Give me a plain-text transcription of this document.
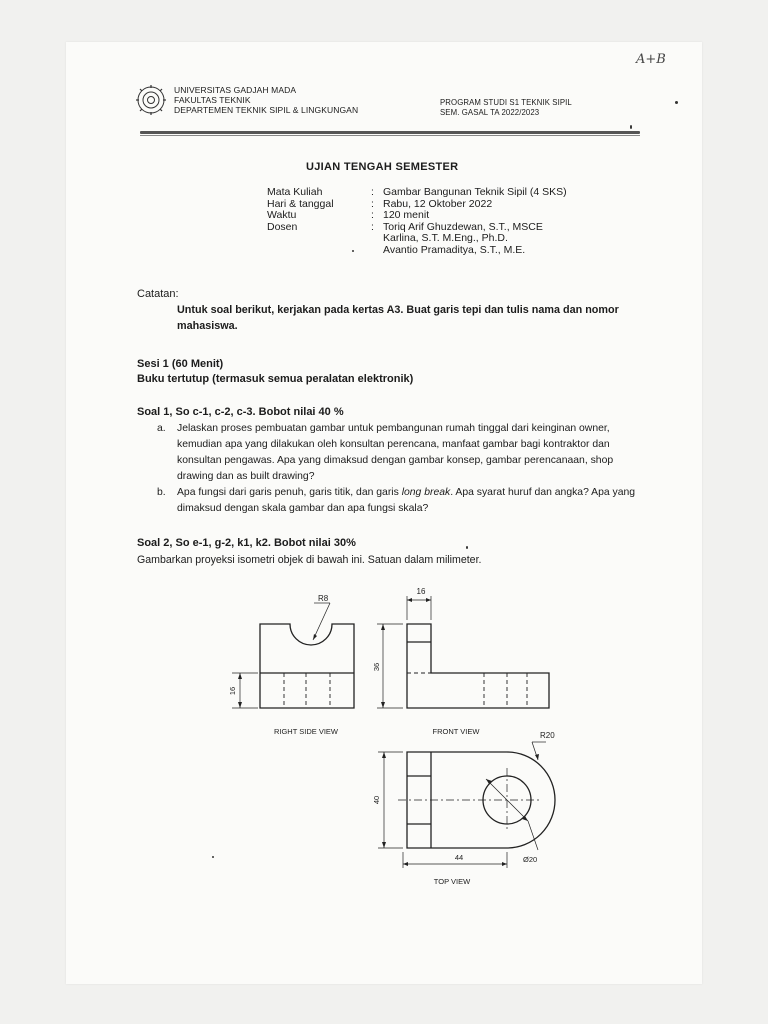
A+B
UNIVERSITAS GADJAH MADA
FAKULTAS TEKNIK
DEPARTEMEN TEKNIK SIPIL & LINGKUNGAN
PROGRAM STUDI S1 TEKNIK SIPIL
SEM. GASAL TA 2022/2023
UJIAN TENGAH SEMESTER
Mata Kuliah	: Gambar Bangunan Teknik Sipil (4 SKS)
Hari & tanggal	: Rabu, 12 Oktober 2022
Waktu	: 120 menit
Dosen	: Toriq Arif Ghuzdewan, S.T., MSCE
Karlina, S.T. M.Eng., Ph.D.
Avantio Pramaditya, S.T., M.E.
Catatan:
Untuk soal berikut, kerjakan pada kertas A3. Buat garis tepi dan tulis nama dan nomor mahasiswa.
Sesi 1 (60 Menit)
Buku tertutup (termasuk semua peralatan elektronik)
Soal 1, So c-1, c-2, c-3. Bobot nilai 40 %
a.	Jelaskan proses pembuatan gambar untuk pembangunan rumah tinggal dari keinginan owner, kemudian apa yang dilakukan oleh konsultan perencana, manfaat gambar bagi kontraktor dan konsultan pengawas. Apa yang dimaksud dengan gambar konsep, gambar perencanaan, shop drawing dan as built drawing?
b.	Apa fungsi dari garis penuh, garis titik, dan garis long break. Apa syarat huruf dan angka? Apa yang dimaksud dengan skala gambar dan apa fungsi skala?
Soal 2, So e-1, g-2, k1, k2. Bobot nilai 30%
Gambarkan proyeksi isometri objek di bawah ini. Satuan dalam milimeter.
R8
16
RIGHT SIDE VIEW
16
36
FRONT VIEW	R20
40
44	Ø20
TOP VIEW
